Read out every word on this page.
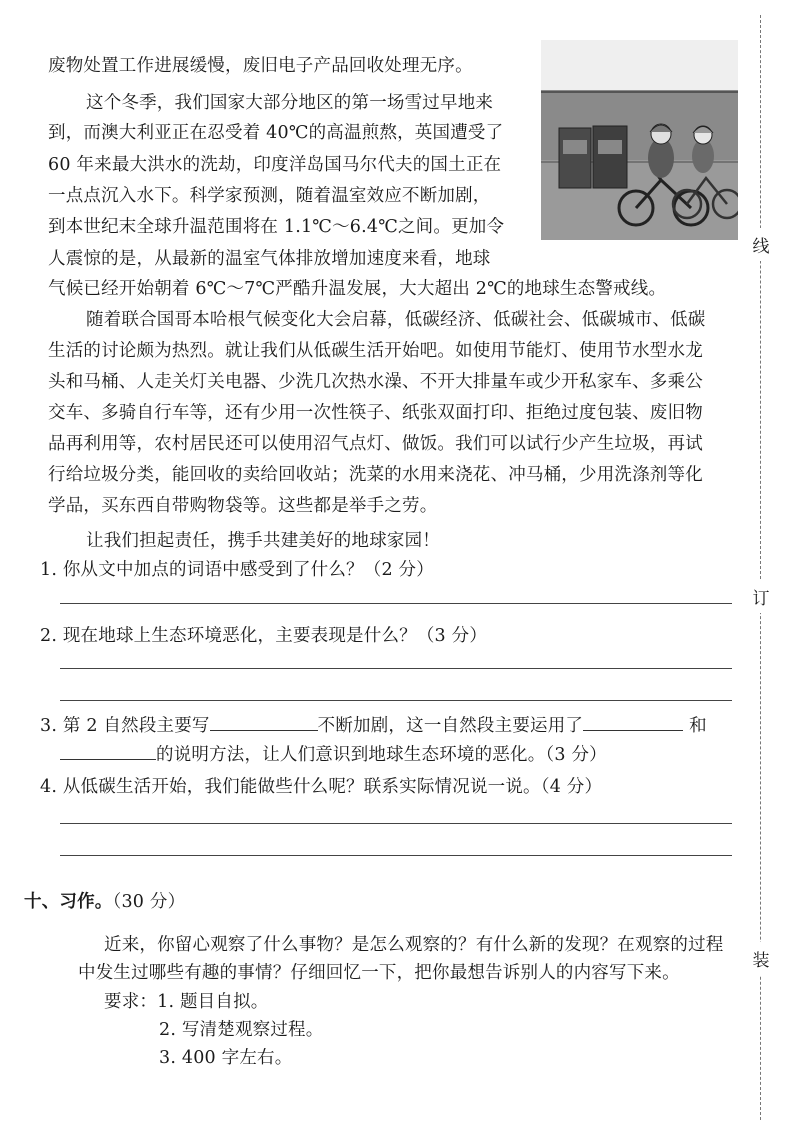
废物处置工作进展缓慢，废旧电子产品回收处理无序。
这个冬季，我们国家大部分地区的第一场雪过早地来
到，而澳大利亚正在忍受着 40℃的高温煎熬，英国遭受了
60 年来最大洪水的洗劫，印度洋岛国马尔代夫的国土正在
一点点沉入水下。科学家预测，随着温室效应不断加剧，
到本世纪末全球升温范围将在 1.1℃～6.4℃之间。更加令
人震惊的是，从最新的温室气体排放增加速度来看，地球
气候已经开始朝着 6℃～7℃严酷升温发展，大大超出 2℃的地球生态警戒线。
随着联合国哥本哈根气候变化大会启幕，低碳经济、低碳社会、低碳城市、低碳
生活的讨论颇为热烈。就让我们从低碳生活开始吧。如使用节能灯、使用节水型水龙
头和马桶、人走关灯关电器、少洗几次热水澡、不开大排量车或少开私家车、多乘公
交车、多骑自行车等，还有少用一次性筷子、纸张双面打印、拒绝过度包装、废旧物
品再利用等，农村居民还可以使用沼气点灯、做饭。我们可以试行少产生垃圾，再试
行给垃圾分类，能回收的卖给回收站；洗菜的水用来浇花、冲马桶，少用洗涤剂等化
学品，买东西自带购物袋等。这些都是举手之劳。
让我们担起责任，携手共建美好的地球家园！
1. 你从文中加点的词语中感受到了什么？（2 分）
2. 现在地球上生态环境恶化，主要表现是什么？（3 分）
3. 第 2 自然段主要写	不断加剧，这一自然段主要运用了	和
的说明方法，让人们意识到地球生态环境的恶化。（3 分）
4. 从低碳生活开始，我们能做些什么呢？联系实际情况说一说。（4 分）
十、习作。（30 分）
近来，你留心观察了什么事物？是怎么观察的？有什么新的发现？在观察的过程
中发生过哪些有趣的事情？仔细回忆一下，把你最想告诉别人的内容写下来。
要求：1. 题目自拟。
2. 写清楚观察过程。
3. 400 字左右。
线
订
装
